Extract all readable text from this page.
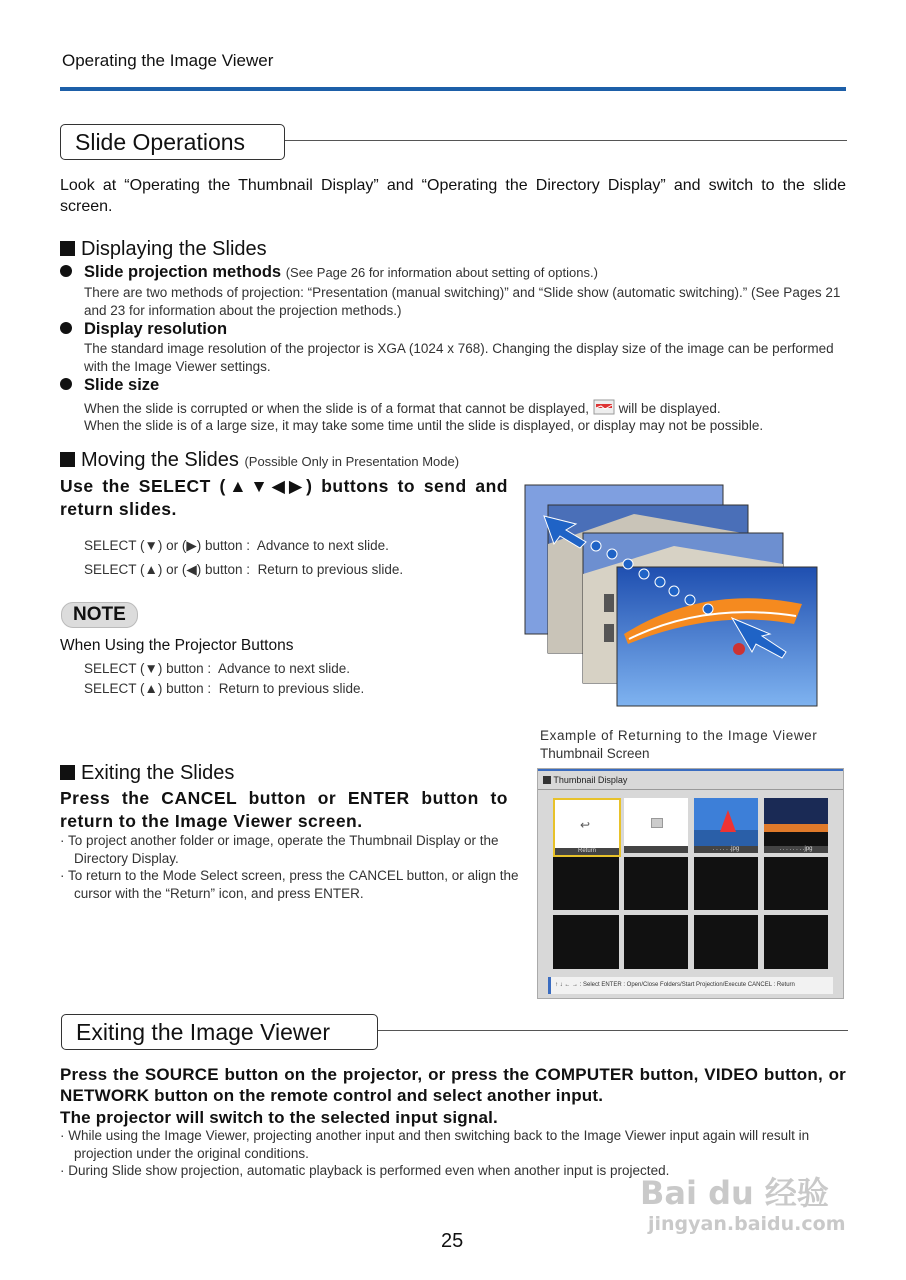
Operating the Image Viewer
Slide Operations
Look at “Operating the Thumbnail Display” and “Operating the Directory Display” and switch to the slide screen.
Displaying the Slides
Slide projection methods (See Page 26 for information about setting of options.)
There are two methods of projection: “Presentation (manual switching)” and “Slide show (automatic switching).” (See Pages 21 and 23 for information about the projection methods.)
Display resolution
The standard image resolution of the projector is XGA (1024 x 768). Changing the display size of the image can be performed with the Image Viewer settings.
Slide size
When the slide is corrupted or when the slide is of a format that cannot be displayed, will be displayed.
When the slide is of a large size, it may take some time until the slide is displayed, or display may not be possible.
Moving the Slides (Possible Only in Presentation Mode)
Use the SELECT (▲▼◀▶) buttons to send and return slides.
SELECT (▼) or (▶) button : Advance to next slide.
SELECT (▲) or (◀) button : Return to previous slide.
NOTE
When Using the Projector Buttons
SELECT (▼) button : Advance to next slide.
SELECT (▲) button : Return to previous slide.
Example of Returning to the Image Viewer
Thumbnail Screen
Thumbnail Display
↩
Return	. . . . . .jpg	. . . . . . . .jpg
↑ ↓ ← → : Select ENTER : Open/Close Folders/Start Projection/Execute CANCEL : Return
Exiting the Slides
Press the CANCEL button or ENTER button to return to the Image Viewer screen.
· To project another folder or image, operate the Thumbnail Display or the Directory Display.
· To return to the Mode Select screen, press the CANCEL button, or align the cursor with the “Return” icon, and press ENTER.
Exiting the Image Viewer
Press the SOURCE button on the projector, or press the COMPUTER button, VIDEO button, or NETWORK button on the remote control and select another input.
The projector will switch to the selected input signal.
· While using the Image Viewer, projecting another input and then switching back to the Image Viewer input again will result in projection under the original conditions.
· During Slide show projection, automatic playback is performed even when another input is projected.
25
Bai du 经验
jingyan.baidu.com
